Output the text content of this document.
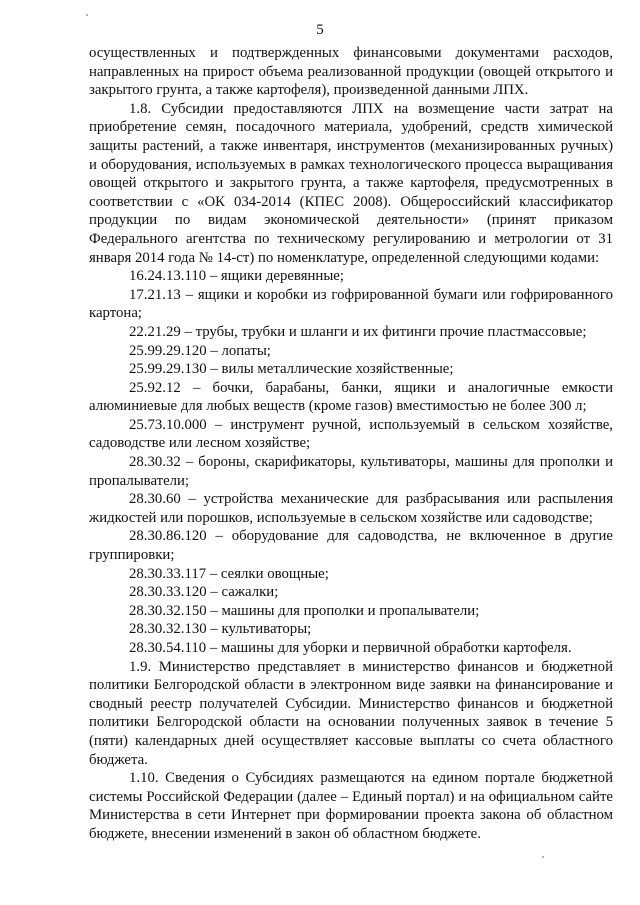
5

осуществленных и подтвержденных финансовыми документами расходов, направленных на прирост объема реализованной продукции (овощей открытого и закрытого грунта, а также картофеля), произведенной данными ЛПХ.

1.8. Субсидии предоставляются ЛПХ на возмещение части затрат на приобретение семян, посадочного материала, удобрений, средств химической защиты растений, а также инвентаря, инструментов (механизированных ручных) и оборудования, используемых в рамках технологического процесса выращивания овощей открытого и закрытого грунта, а также картофеля, предусмотренных в соответствии с «ОК 034-2014 (КПЕС 2008). Общероссийский классификатор продукции по видам экономической деятельности» (принят приказом Федерального агентства по техническому регулированию и метрологии от 31 января 2014 года № 14-ст) по номенклатуре, определенной следующими кодами:

16.24.13.110 – ящики деревянные;

17.21.13 – ящики и коробки из гофрированной бумаги или гофрированного картона;

22.21.29 – трубы, трубки и шланги и их фитинги прочие пластмассовые;

25.99.29.120 – лопаты;

25.99.29.130 – вилы металлические хозяйственные;

25.92.12 – бочки, барабаны, банки, ящики и аналогичные емкости алюминиевые для любых веществ (кроме газов) вместимостью не более 300 л;

25.73.10.000 – инструмент ручной, используемый в сельском хозяйстве, садоводстве или лесном хозяйстве;

28.30.32 – бороны, скарификаторы, культиваторы, машины для прополки и пропалыватели;

28.30.60 – устройства механические для разбрасывания или распыления жидкостей или порошков, используемые в сельском хозяйстве или садоводстве;

28.30.86.120 – оборудование для садоводства, не включенное в другие группировки;

28.30.33.117 – сеялки овощные;

28.30.33.120 – сажалки;

28.30.32.150 – машины для прополки и пропалыватели;

28.30.32.130 – культиваторы;

28.30.54.110 – машины для уборки и первичной обработки картофеля.

1.9. Министерство представляет в министерство финансов и бюджетной политики Белгородской области в электронном виде заявки на финансирование и сводный реестр получателей Субсидии. Министерство финансов и бюджетной политики Белгородской области на основании полученных заявок в течение 5 (пяти) календарных дней осуществляет кассовые выплаты со счета областного бюджета.

1.10. Сведения о Субсидиях размещаются на едином портале бюджетной системы Российской Федерации (далее – Единый портал) и на официальном сайте Министерства в сети Интернет при формировании проекта закона об областном бюджете, внесении изменений в закон об областном бюджете.
